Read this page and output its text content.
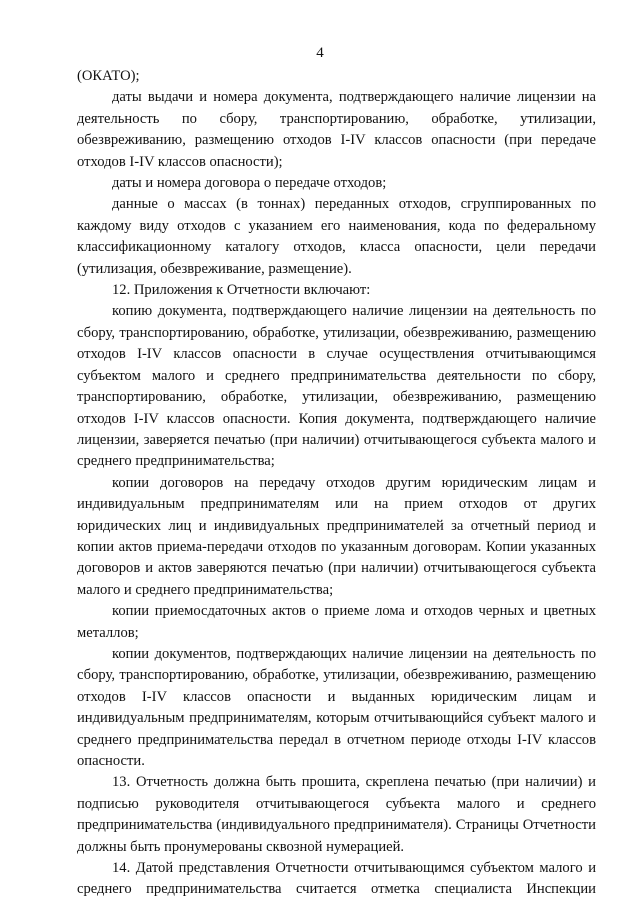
4

(ОКАТО);

даты выдачи и номера документа, подтверждающего наличие лицензии на деятельность по сбору, транспортированию, обработке, утилизации, обезвреживанию, размещению отходов I-IV классов опасности (при передаче отходов I-IV классов опасности);

даты и номера договора о передаче отходов;

данные о массах (в тоннах) переданных отходов, сгруппированных по каждому виду отходов с указанием его наименования, кода по федеральному классификационному каталогу отходов, класса опасности, цели передачи (утилизация, обезвреживание, размещение).

12. Приложения к Отчетности включают:

копию документа, подтверждающего наличие лицензии на деятельность по сбору, транспортированию, обработке, утилизации, обезвреживанию, размещению отходов I-IV классов опасности в случае осуществления отчитывающимся субъектом малого и среднего предпринимательства деятельности по сбору, транспортированию, обработке, утилизации, обезвреживанию, размещению отходов I-IV классов опасности. Копия документа, подтверждающего наличие лицензии, заверяется печатью (при наличии) отчитывающегося субъекта малого и среднего предпринимательства;

копии договоров на передачу отходов другим юридическим лицам и индивидуальным предпринимателям или на прием отходов от других юридических лиц и индивидуальных предпринимателей за отчетный период и копии актов приема-передачи отходов по указанным договорам. Копии указанных договоров и актов заверяются печатью (при наличии) отчитывающегося субъекта малого и среднего предпринимательства;

копии приемосдаточных актов о приеме лома и отходов черных и цветных металлов;

копии документов, подтверждающих наличие лицензии на деятельность по сбору, транспортированию, обработке, утилизации, обезвреживанию, размещению отходов I-IV классов опасности и выданных юридическим лицам и индивидуальным предпринимателям, которым отчитывающийся субъект малого и среднего предпринимательства передал в отчетном периоде отходы I-IV классов опасности.

13. Отчетность должна быть прошита, скреплена печатью (при наличии) и подписью руководителя отчитывающегося субъекта малого и среднего предпринимательства (индивидуального предпринимателя). Страницы Отчетности должны быть пронумерованы сквозной нумерацией.

14. Датой представления Отчетности отчитывающимся субъектом малого и среднего предпринимательства считается отметка специалиста Инспекции
